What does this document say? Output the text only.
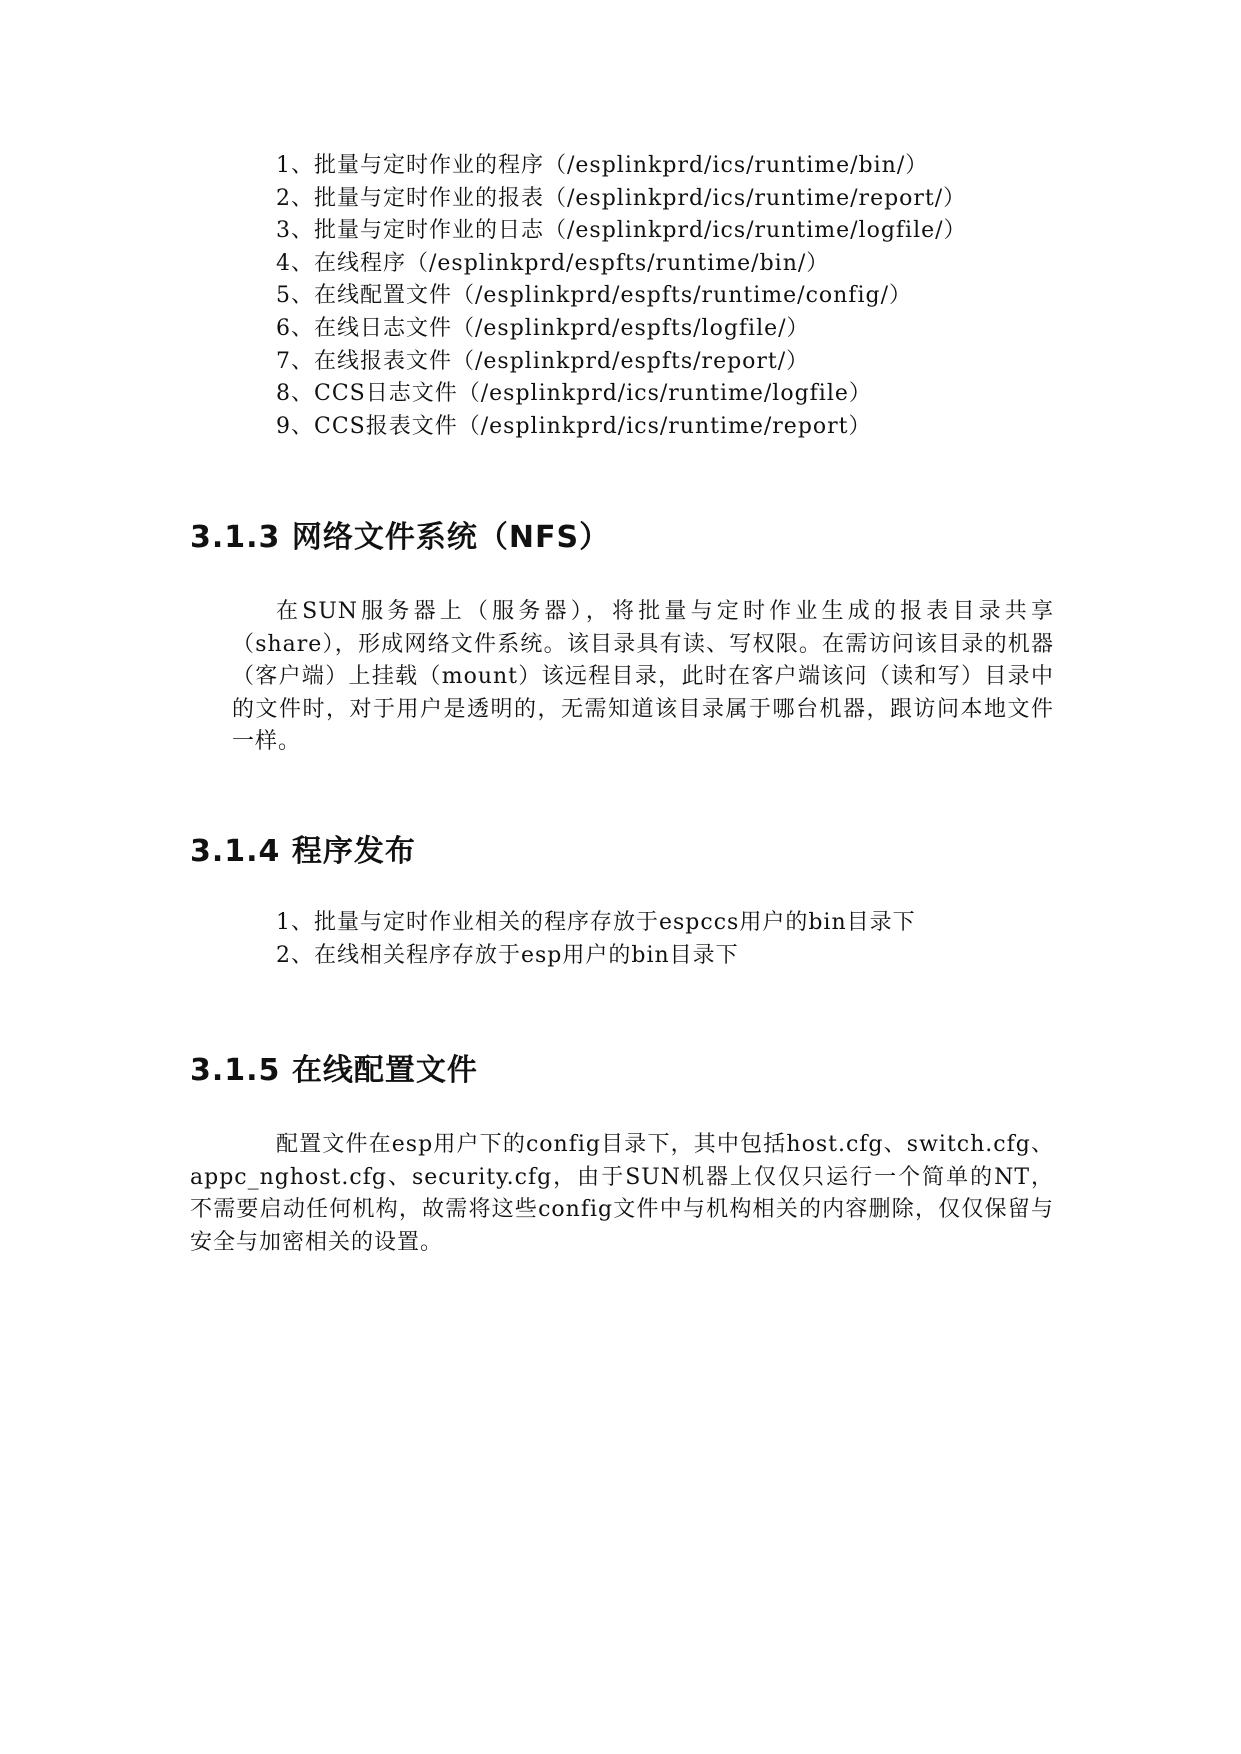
1、批量与定时作业的程序（/esplinkprd/ics/runtime/bin/）
2、批量与定时作业的报表（/esplinkprd/ics/runtime/report/）
3、批量与定时作业的日志（/esplinkprd/ics/runtime/logfile/）
4、在线程序（/esplinkprd/espfts/runtime/bin/）
5、在线配置文件（/esplinkprd/espfts/runtime/config/）
6、在线日志文件（/esplinkprd/espfts/logfile/）
7、在线报表文件（/esplinkprd/espfts/report/）
8、CCS日志文件（/esplinkprd/ics/runtime/logfile）
9、CCS报表文件（/esplinkprd/ics/runtime/report）
3.1.3 网络文件系统（NFS）

在SUN服务器上（服务器），将批量与定时作业生成的报表目录共享（share），形成网络文件系统。该目录具有读、写权限。在需访问该目录的机器（客户端）上挂载（mount）该远程目录，此时在客户端该问（读和写）目录中的文件时，对于用户是透明的，无需知道该目录属于哪台机器，跟访问本地文件一样。

3.1.4 程序发布
1、批量与定时作业相关的程序存放于espccs用户的bin目录下
2、在线相关程序存放于esp用户的bin目录下
3.1.5 在线配置文件

配置文件在esp用户下的config目录下，其中包括host.cfg、switch.cfg、appc_nghost.cfg、security.cfg，由于SUN机器上仅仅只运行一个简单的NT，不需要启动任何机构，故需将这些config文件中与机构相关的内容删除，仅仅保留与安全与加密相关的设置。
